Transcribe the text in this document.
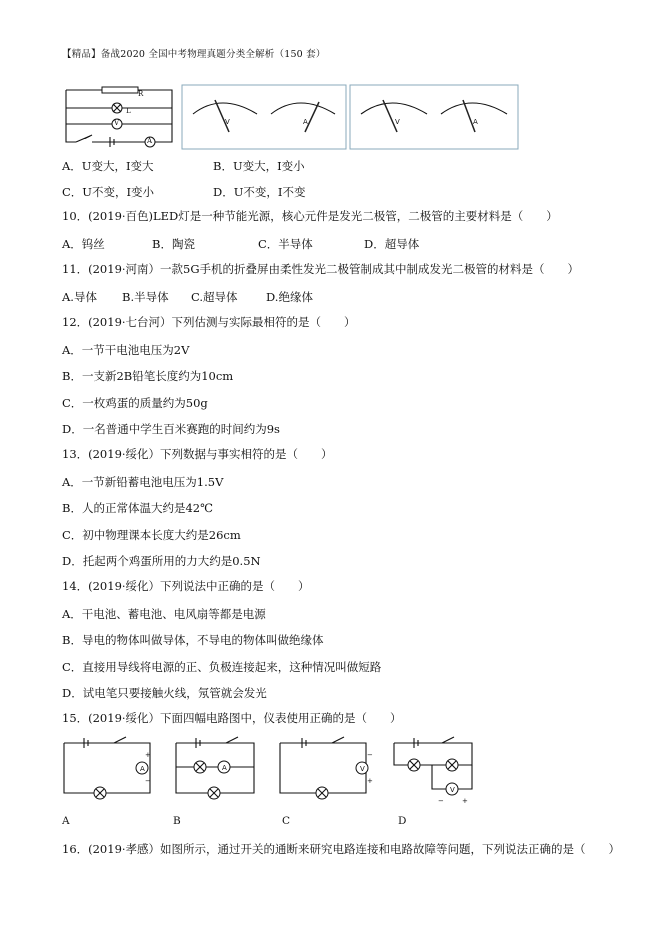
【精品】备战2020 全国中考物理真题分类全解析（150 套）
R
L
V
A
V	A	V	A
A．U变大，I变大	B．U变大，I变小
C．U不变，I变小	D．U不变，I不变
10．(2019·百色)LED灯是一种节能光源，核心元件是发光二极管，二极管的主要材料是（　　）
A．钨丝	B．陶瓷	C．半导体	D．超导体
11．(2019·河南）一款5G手机的折叠屏由柔性发光二极管制成其中制成发光二极管的材料是（　　）
A.导体 B.半导体 C.超导体 D.绝缘体
12．(2019·七台河）下列估测与实际最相符的是（　　）
A．一节干电池电压为2V
B．一支新2B铅笔长度约为10cm
C．一枚鸡蛋的质量约为50g
D．一名普通中学生百米赛跑的时间约为9s
13．(2019·绥化）下列数据与事实相符的是（　　）
A．一节新铅蓄电池电压为1.5V
B．人的正常体温大约是42℃
C．初中物理课本长度大约是26cm
D．托起两个鸡蛋所用的力大约是0.5N
14．(2019·绥化）下列说法中正确的是（　　）
A．干电池、蓄电池、电风扇等都是电源
B．导电的物体叫做导体，不导电的物体叫做绝缘体
C．直接用导线将电源的正、负极连接起来，这种情况叫做短路
D．试电笔只要接触火线，氖管就会发光
15．(2019·绥化）下面四幅电路图中，仪表使用正确的是（　　）
A
+
−
A	V
−
+
V
−	+
A	B	C	D
16．(2019·孝感）如图所示，通过开关的通断来研究电路连接和电路故障等问题，下列说法正确的是（　　）
